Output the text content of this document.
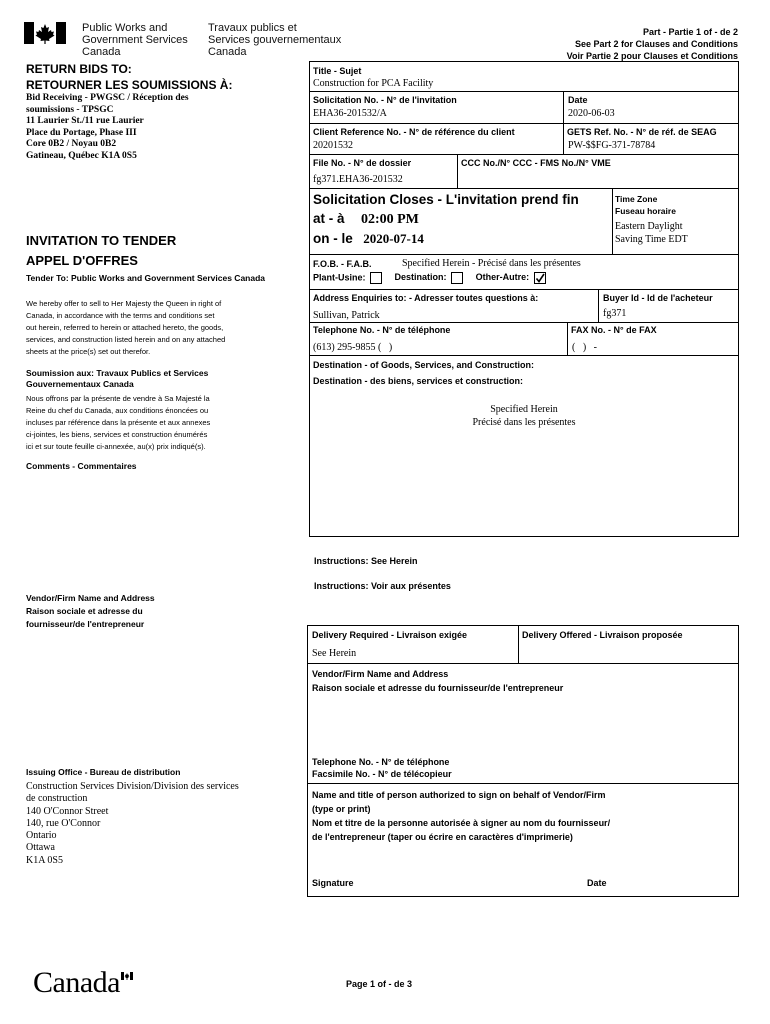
Public Works and
Government Services
Canada
Travaux publics et
Services gouvernementaux
Canada
Part - Partie 1 of - de 2
See Part 2 for Clauses and Conditions
Voir Partie 2 pour Clauses et Conditions
RETURN BIDS TO:
RETOURNER LES SOUMISSIONS À:
Bid Receiving - PWGSC / Réception des
soumissions - TPSGC
11 Laurier St./11 rue Laurier
Place du Portage, Phase III
Core 0B2 / Noyau 0B2
Gatineau, Québec K1A 0S5
INVITATION TO TENDER
APPEL D'OFFRES
Tender To: Public Works and Government Services Canada
We hereby offer to sell to Her Majesty the Queen in right of
Canada, in accordance with the terms and conditions set
out herein, referred to herein or attached hereto, the goods,
services, and construction listed herein and on any attached
sheets at the price(s) set out therefor.
Soumission aux: Travaux Publics et Services Gouvernementaux Canada
Nous offrons par la présente de vendre à Sa Majesté la
Reine du chef du Canada, aux conditions énoncées ou
incluses par référence dans la présente et aux annexes
ci-jointes, les biens, services et construction énumérés
ici et sur toute feuille ci-annexée, au(x) prix indiqué(s).
Comments - Commentaires
Vendor/Firm Name and Address
Raison sociale et adresse du
fournisseur/de l'entrepreneur
Issuing Office - Bureau de distribution
Construction Services Division/Division des services
de construction
140 O'Connor Street
140, rue O'Connor
Ontario
Ottawa
K1A 0S5
Title - Sujet
Construction for PCA Facility
Solicitation No. - N° de l'invitation
EHA36-201532/A
Date
2020-06-03
Client Reference No. - N° de référence du client
20201532
GETS Ref. No. - N° de réf. de SEAG
PW-$$FG-371-78784
File No. - N° de dossier
fg371.EHA36-201532
CCC No./N° CCC - FMS No./N° VME
Solicitation Closes - L'invitation prend fin
at - à 02:00 PM
on - le 2020-07-14
Time Zone
Fuseau horaire
Eastern Daylight
Saving Time EDT
F.O.B. - F.A.B.	Specified Herein - Précisé dans les présentes
Plant-Usine:	Destination:	Other-Autre:
Address Enquiries to: - Adresser toutes questions à:
Sullivan, Patrick
Buyer Id - Id de l'acheteur
fg371
Telephone No. - N° de téléphone
(613) 295-9855 (   )
FAX No. - N° de FAX
(   )   -
Destination - of Goods, Services, and Construction:
Destination - des biens, services et construction:
Specified Herein
Précisé dans les présentes
Instructions: See Herein
Instructions: Voir aux présentes
Delivery Required - Livraison exigée
See Herein
Delivery Offered - Livraison proposée
Vendor/Firm Name and Address
Raison sociale et adresse du fournisseur/de l'entrepreneur
Telephone No. - N° de téléphone
Facsimile No. - N° de télécopieur
Name and title of person authorized to sign on behalf of Vendor/Firm
(type or print)
Nom et titre de la personne autorisée à signer au nom du fournisseur/
de l'entrepreneur (taper ou écrire en caractères d'imprimerie)
Signature	Date
Canada	Page 1 of - de 3
